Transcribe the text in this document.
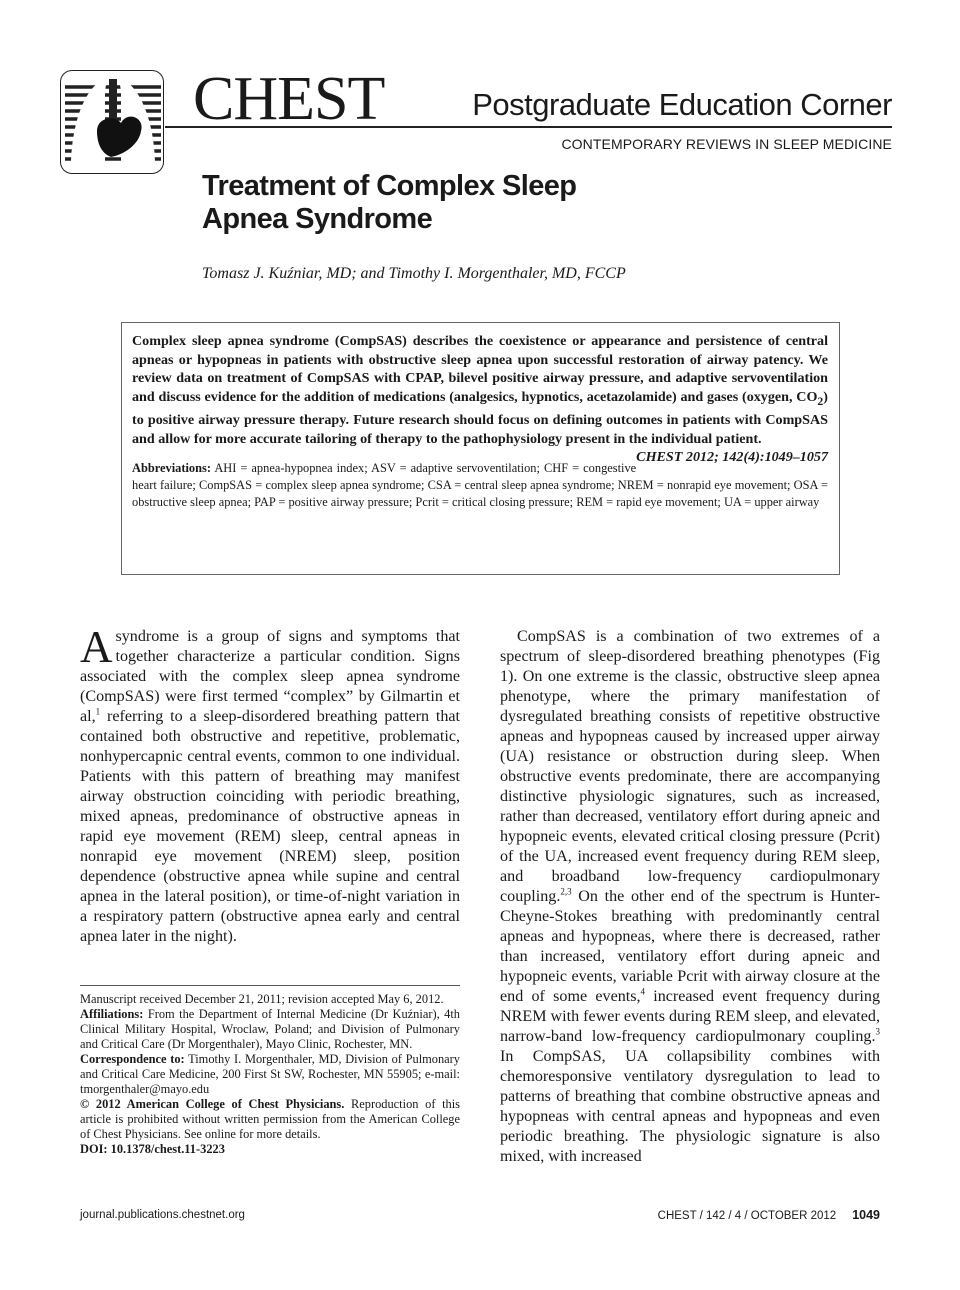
CHEST	Postgraduate Education Corner
CONTEMPORARY REVIEWS IN SLEEP MEDICINE
Treatment of Complex Sleep
Apnea Syndrome
Tomasz J. Kuźniar, MD; and Timothy I. Morgenthaler, MD, FCCP

Complex sleep apnea syndrome (CompSAS) describes the coexistence or appearance and persistence of central apneas or hypopneas in patients with obstructive sleep apnea upon successful restoration of airway patency. We review data on treatment of CompSAS with CPAP, bilevel positive airway pressure, and adaptive servoventilation and discuss evidence for the addition of medications (analgesics, hypnotics, acetazolamide) and gases (oxygen, $CO_2$) to positive airway pressure therapy. Future research should focus on defining outcomes in patients with CompSAS and allow for more accurate tailoring of therapy to the pathophysiology present in the individual patient.
CHEST 2012; 142(4):1049–1057

Abbreviations: AHI = apnea-hypopnea index; ASV = adaptive servoventilation; CHF = congestive heart failure; CompSAS = complex sleep apnea syndrome; CSA = central sleep apnea syndrome; NREM = nonrapid eye movement; OSA = obstructive sleep apnea; PAP = positive airway pressure; Pcrit = critical closing pressure; REM = rapid eye movement; UA = upper airway

A syndrome is a group of signs and symptoms that together characterize a particular condition. Signs associated with the complex sleep apnea syndrome (CompSAS) were first termed “complex” by Gilmartin et al,$^1$ referring to a sleep-disordered breathing pattern that contained both obstructive and repetitive, problematic, nonhypercapnic central events, common to one individual. Patients with this pattern of breathing may manifest airway obstruction coinciding with periodic breathing, mixed apneas, predominance of obstructive apneas in rapid eye movement (REM) sleep, central apneas in nonrapid eye movement (NREM) sleep, position dependence (obstructive apnea while supine and central apnea in the lateral position), or time-of-night variation in a respiratory pattern (obstructive apnea early and central apnea later in the night).

Manuscript received December 21, 2011; revision accepted May 6, 2012.

Affiliations: From the Department of Internal Medicine (Dr Kuźniar), 4th Clinical Military Hospital, Wroclaw, Poland; and Division of Pulmonary and Critical Care (Dr Morgenthaler), Mayo Clinic, Rochester, MN.

Correspondence to: Timothy I. Morgenthaler, MD, Division of Pulmonary and Critical Care Medicine, 200 First St SW, Rochester, MN 55905; e-mail: tmorgenthaler@mayo.edu

© 2012 American College of Chest Physicians. Reproduction of this article is prohibited without written permission from the American College of Chest Physicians. See online for more details.

DOI: 10.1378/chest.11-3223

CompSAS is a combination of two extremes of a spectrum of sleep-disordered breathing phenotypes (Fig 1). On one extreme is the classic, obstructive sleep apnea phenotype, where the primary manifestation of dysregulated breathing consists of repetitive obstructive apneas and hypopneas caused by increased upper airway (UA) resistance or obstruction during sleep. When obstructive events predominate, there are accompanying distinctive physiologic signatures, such as increased, rather than decreased, ventilatory effort during apneic and hypopneic events, elevated critical closing pressure (Pcrit) of the UA, increased event frequency during REM sleep, and broadband low-frequency cardiopulmonary coupling.$^{2,3}$ On the other end of the spectrum is Hunter-Cheyne-Stokes breathing with predominantly central apneas and hypopneas, where there is decreased, rather than increased, ventilatory effort during apneic and hypopneic events, variable Pcrit with airway closure at the end of some events,$^4$ increased event frequency during NREM with fewer events during REM sleep, and elevated, narrow-band low-frequency cardiopulmonary coupling.$^3$ In CompSAS, UA collapsibility combines with chemoresponsive ventilatory dysregulation to lead to patterns of breathing that combine obstructive apneas and hypopneas with central apneas and hypopneas and even periodic breathing. The physiologic signature is also mixed, with increased

journal.publications.chestnet.org	CHEST / 142 / 4 / OCTOBER 2012 1049
